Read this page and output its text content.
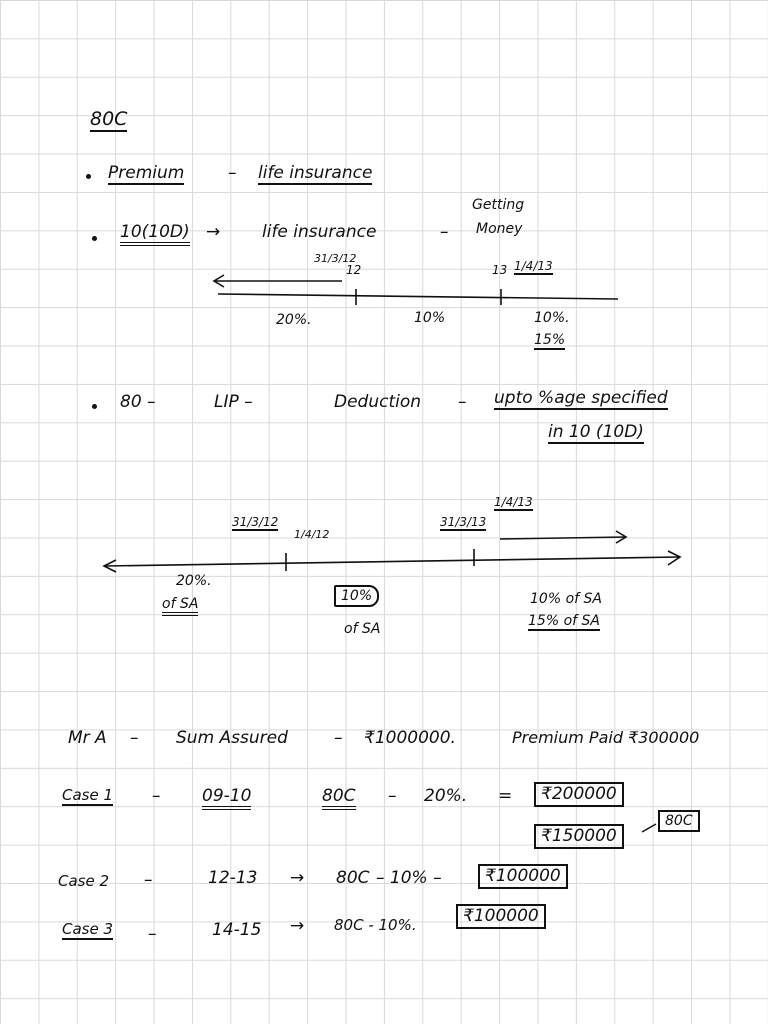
80C
Premium	– life insurance
10(10D) → life insurance	–
Getting
Money
31/3/12
12	13 1/4/13
20%.	10%	10%.
15%
80 –	LIP –	Deduction – upto %age specified
in 10 (10D)
31/3/12
1/4/12
31/3/13
1/4/13
20%.
of SA	10%
of SA
10% of SA
15% of SA
Mr A – Sum Assured	– ₹1000000.	Premium Paid ₹300000
Case 1 – 09-10	80C – 20%. =	₹200000
₹150000
80C
Case 2 –	12-13 → 80C – 10% –	₹100000
Case 3 –	14-15 → 80C - 10%.	₹100000
